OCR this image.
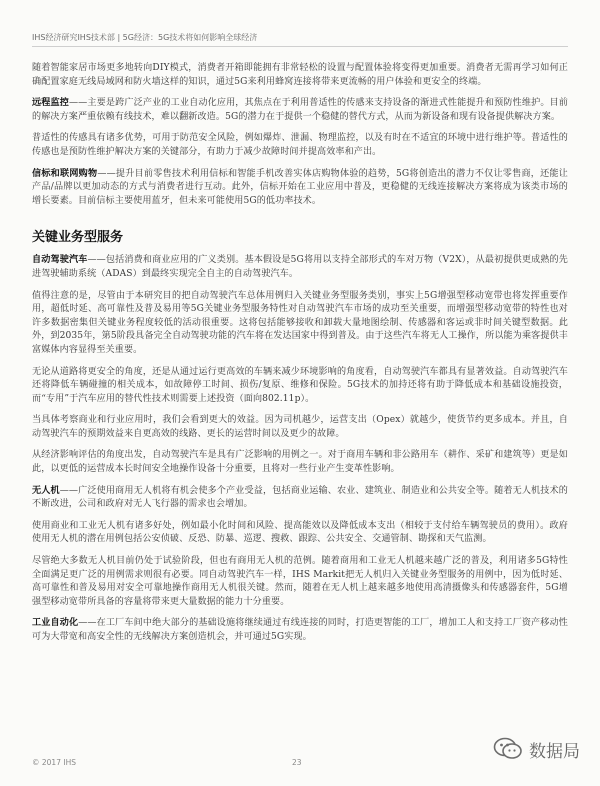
IHS经济研究IHS技术部 | 5G经济：5G技术将如何影响全球经济

随着智能家居市场更多地转向DIY模式，消费者开箱即能拥有非常轻松的设置与配置体验将变得更加重要。消费者无需再学习如何正确配置家庭无线局域网和防火墙这样的知识，通过5G来利用蜂窝连接将带来更流畅的用户体验和更安全的终端。

远程监控——主要是跨广泛产业的工业自动化应用，其焦点在于利用普适性的传感来支持设备的渐进式性能提升和预防性维护。目前的解决方案严重依赖有线技术，难以翻新改造。5G的潜力在于提供一个稳健的替代方式，从而为新设备和现有设备提供解决方案。

普适性的传感具有诸多优势，可用于防范安全风险，例如爆炸、泄漏、物理监控，以及有时在不适宜的环境中进行维护等。普适性的传感也是预防性维护解决方案的关键部分，有助力于减少故障时间并提高效率和产出。

信标和联网购物——提升目前零售技术利用信标和智能手机改善实体店购物体验的趋势，5G将创造出的潜力不仅让零售商，还能让产品/品牌以更加动态的方式与消费者进行互动。此外，信标开始在工业应用中普及，更稳健的无线连接解决方案将成为该类市场的增长要素。目前信标主要使用蓝牙，但未来可能使用5G的低功率技术。

关键业务型服务

自动驾驶汽车——包括消费和商业应用的广义类别。基本假设是5G将用以支持全部形式的车对万物（V2X），从最初提供更成熟的先进驾驶辅助系统（ADAS）到最终实现完全自主的自动驾驶汽车。

值得注意的是，尽管由于本研究目的把自动驾驶汽车总体用例归入关键业务型服务类别，事实上5G增强型移动宽带也将发挥重要作用，超低时延、高可靠性及普及易用等5G关键业务型服务特性对自动驾驶汽车市场的成功至关重要，而增强型移动宽带的特性也对许多数据密集但关键业务程度较低的活动很重要。这将包括能够接收和卸载大量地图绘制、传感器和客运或非时间关键型数据。此外，到2035年，第5阶段具备完全自动驾驶功能的汽车将在发达国家中得到普及。由于这些汽车将无人工操作，所以能为乘客提供丰富媒体内容显得至关重要。

无论从道路将更安全的角度，还是从通过运行更高效的车辆来减少环境影响的角度看，自动驾驶汽车都具有显著效益。自动驾驶汽车还将降低车辆碰撞的相关成本，如故障停工时间、损伤/复原、维修和保险。5G技术的加持还将有助于降低成本和基础设施投资，而“专用”于汽车应用的替代性技术则需要上述投资（面向802.11p）。

当具体考察商业和行业应用时，我们会看到更大的效益。因为司机越少，运营支出（Opex）就越少，使货节约更多成本。并且，自动驾驶汽车的预期效益来自更高效的线路、更长的运营时间以及更少的故障。

从经济影响评估的角度出发，自动驾驶汽车是具有广泛影响的用例之一。对于商用车辆和非公路用车（耕作、采矿和建筑等）更是如此，以更低的运营成本长时间安全地操作设备十分重要，且将对一些行业产生变革性影响。

无人机——广泛使用商用无人机将有机会使多个产业受益，包括商业运输、农业、建筑业、制造业和公共安全等。随着无人机技术的不断改进，公司和政府对无人飞行器的需求也会增加。

使用商业和工业无人机有诸多好处，例如最小化时间和风险、提高能效以及降低成本支出（相较于支付给车辆驾驶员的费用）。政府使用无人机的潜在用例包括公安侦破、反恐、防暴、巡逻、搜救、跟踪、公共安全、交通管制、勘探和天气监测。

尽管绝大多数无人机目前仍处于试验阶段，但也有商用无人机的范例。随着商用和工业无人机越来越广泛的普及，利用诸多5G特性全面满足更广泛的用例需求则很有必要。同自动驾驶汽车一样，IHS Markit把无人机归入关键业务型服务的用例中，因为低时延、高可靠性和普及易用对安全可靠地操作商用无人机很关键。然而，随着在无人机上越来越多地使用高清摄像头和传感器套件，5G增强型移动宽带所具备的容量将带来更大量数据的能力十分重要。

工业自动化——在工厂车间中绝大部分的基础设施将继续通过有线连接的同时，打造更智能的工厂，增加工人和支持工厂资产移动性可为大带宽和高安全性的无线解决方案创造机会，并可通过5G实现。

© 2017 IHS	23
数据局
